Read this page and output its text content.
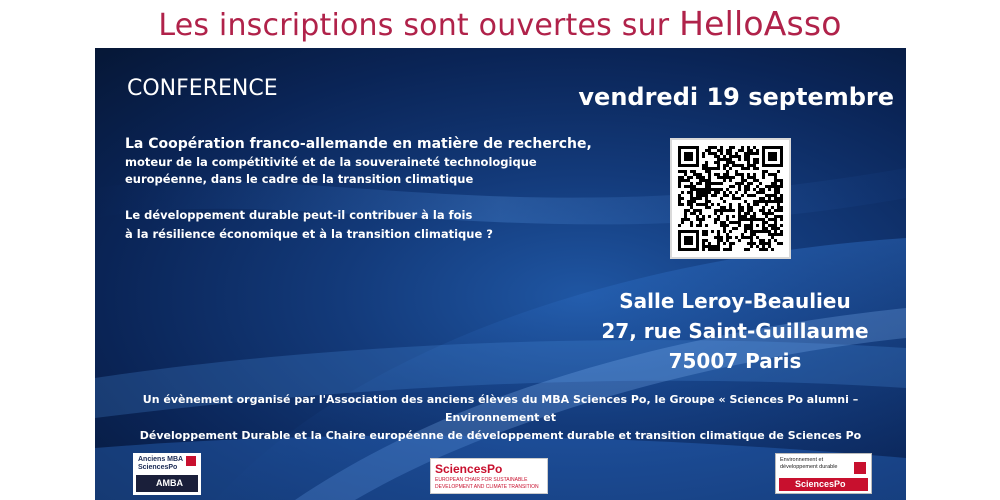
Les inscriptions sont ouvertes sur HelloAsso
CONFERENCE	vendredi 19 septembre
La Coopération franco-allemande en matière de recherche,
moteur de la compétitivité et de la souveraineté technologique
européenne, dans le cadre de la transition climatique
Le développement durable peut-il contribuer à la fois
à la résilience économique et à la transition climatique ?
Salle Leroy-Beaulieu
27, rue Saint-Guillaume
75007 Paris
Un évènement organisé par l'Association des anciens élèves du MBA Sciences Po, le Groupe « Sciences Po alumni – Environnement et
Développement Durable et la Chaire européenne de développement durable et transition climatique de Sciences Po
Anciens MBA
SciencesPo
AMBA
SciencesPo
EUROPEAN CHAIR FOR SUSTAINABLE
DEVELOPMENT AND CLIMATE TRANSITION
Environnement et
développement durable
SciencesPo
